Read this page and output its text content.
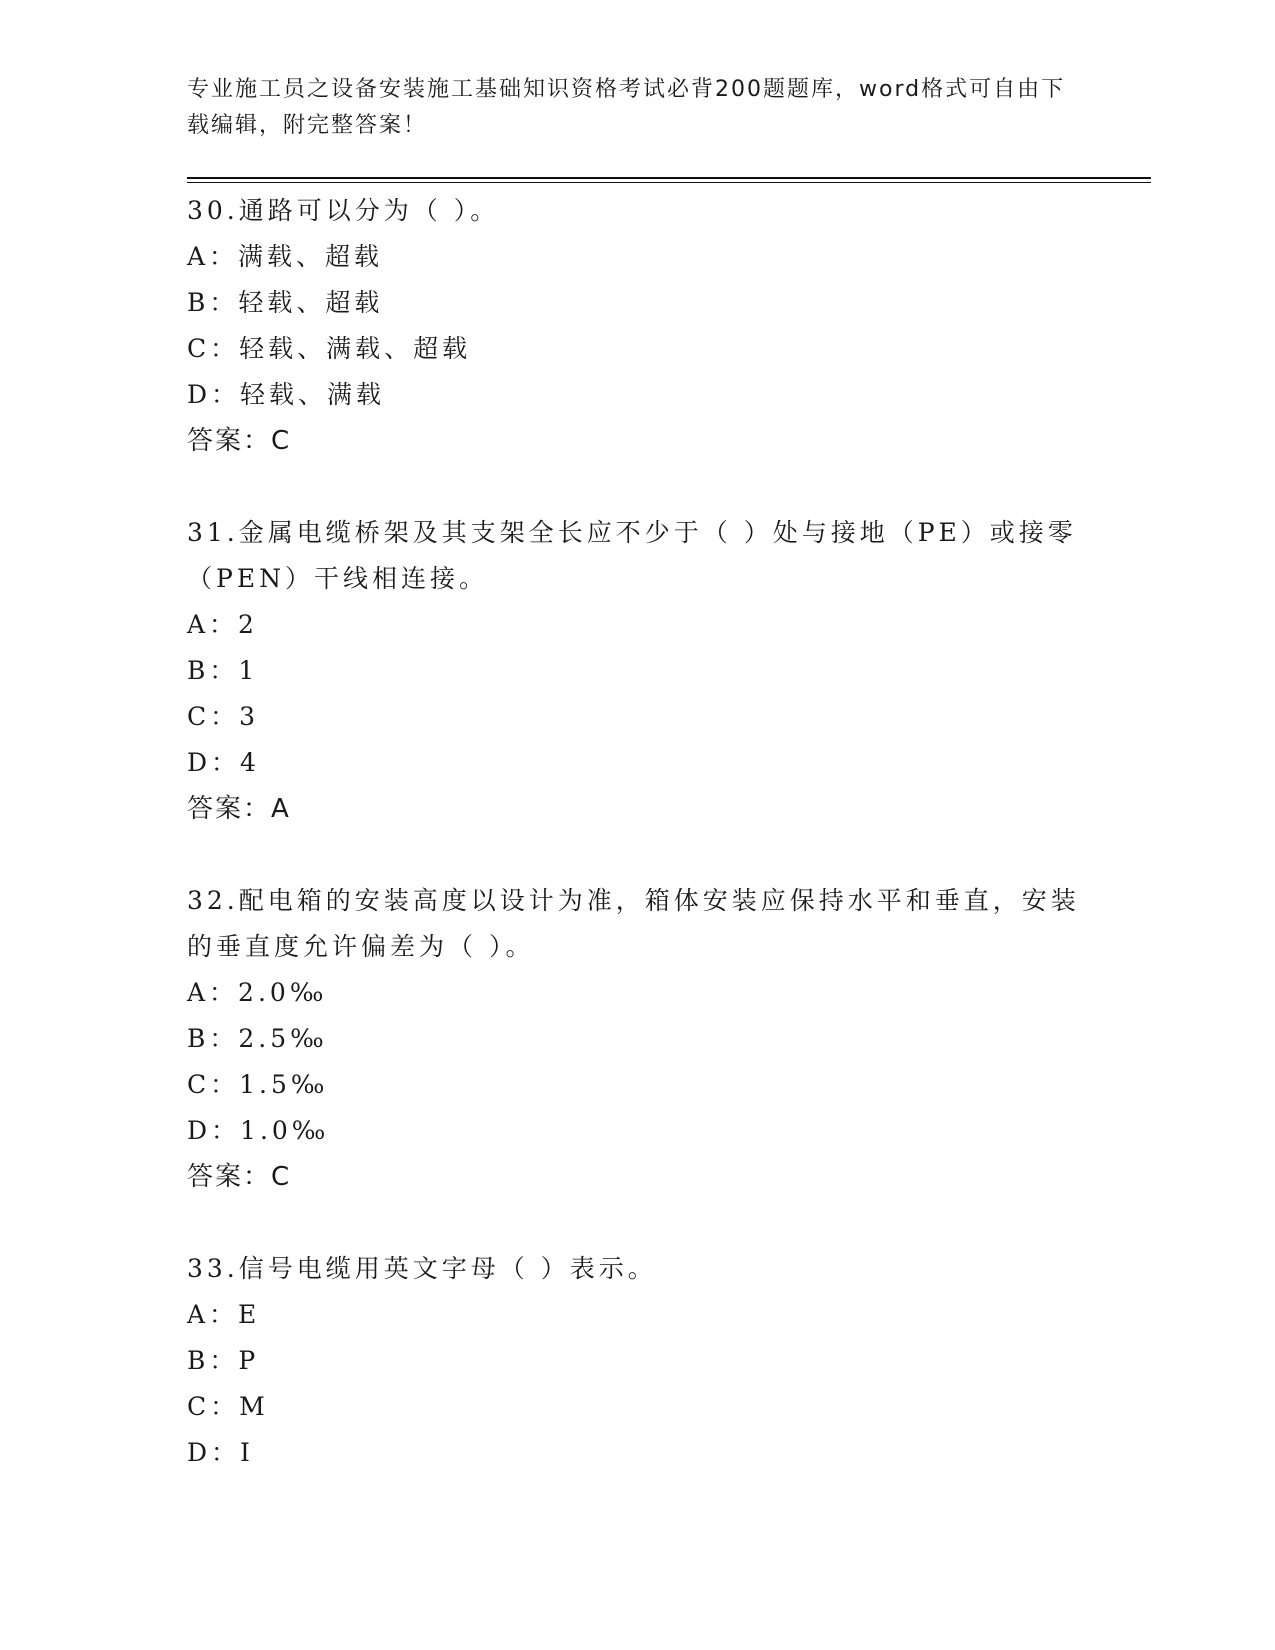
专业施工员之设备安装施工基础知识资格考试必背200题题库，word格式可自由下载编辑，附完整答案！
30.通路可以分为（ ）。
A：满载、超载
B：轻载、超载
C：轻载、满载、超载
D：轻载、满载
答案：C
31.金属电缆桥架及其支架全长应不少于（ ）处与接地（PE）或接零（PEN）干线相连接。
A：2
B：1
C：3
D：4
答案：A
32.配电箱的安装高度以设计为准，箱体安装应保持水平和垂直，安装的垂直度允许偏差为（ ）。
A：2.0‰
B：2.5‰
C：1.5‰
D：1.0‰
答案：C
33.信号电缆用英文字母（ ）表示。
A：E
B：P
C：M
D：I
